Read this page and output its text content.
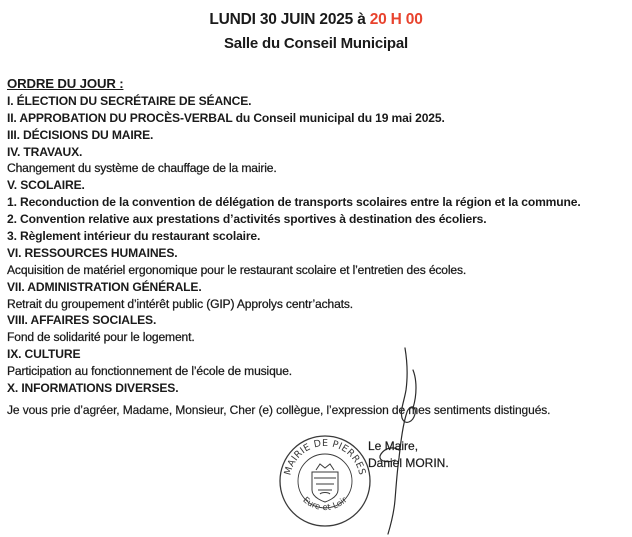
LUNDI 30 JUIN 2025 à 20 H 00
Salle du Conseil Municipal
ORDRE DU JOUR :
I. ÉLECTION DU SECRÉTAIRE DE SÉANCE.
II. APPROBATION DU PROCÈS-VERBAL du Conseil municipal du 19 mai 2025.
III. DÉCISIONS DU MAIRE.
IV. TRAVAUX.
Changement du système de chauffage de la mairie.
V. SCOLAIRE.
1. Reconduction de la convention de délégation de transports scolaires entre la région et la commune.
2. Convention relative aux prestations d’activités sportives à destination des écoliers.
3. Règlement intérieur du restaurant scolaire.
VI. RESSOURCES HUMAINES.
Acquisition de matériel ergonomique pour le restaurant scolaire et l’entretien des écoles.
VII. ADMINISTRATION GÉNÉRALE.
Retrait du groupement d’intérêt public (GIP) Approlys centr’achats.
VIII. AFFAIRES SOCIALES.
Fond de solidarité pour le logement.
IX. CULTURE
Participation au fonctionnement de l’école de musique.
X. INFORMATIONS DIVERSES.
Je vous prie d’agréer, Madame, Monsieur, Cher (e) collègue, l’expression de mes sentiments distingués.
MAIRIE DE PIERRES
Eure-et-Loir
Le Maire,
Daniel MORIN.
